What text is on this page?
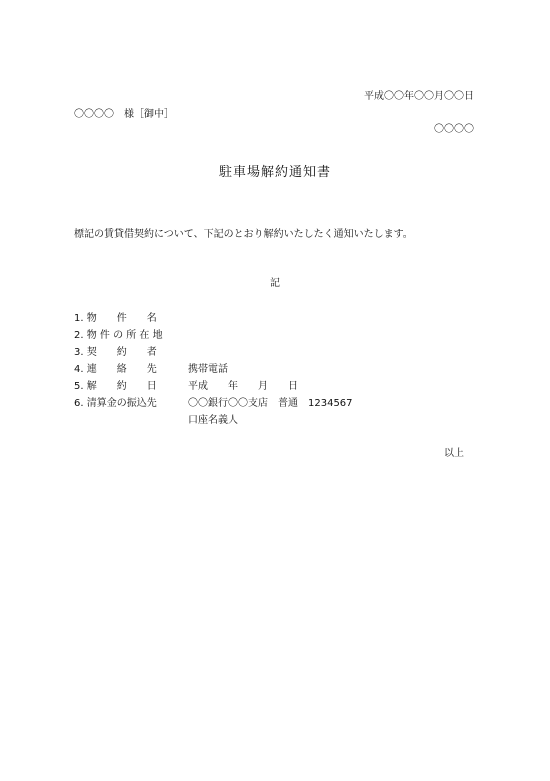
平成〇〇年〇〇月〇〇日
〇〇〇〇　様［御中］
〇〇〇〇
駐車場解約通知書
標記の賃貸借契約について、下記のとおり解約いたしたく通知いたします。
記
1. 物　　件　　名
2. 物 件 の 所 在 地
3. 契　　約　　者
4. 連　　絡　　先	携帯電話
5. 解　　約　　日	平成　　年　　月　　日
6. 清算金の振込先	〇〇銀行〇〇支店　普通　1234567
口座名義人
以上
